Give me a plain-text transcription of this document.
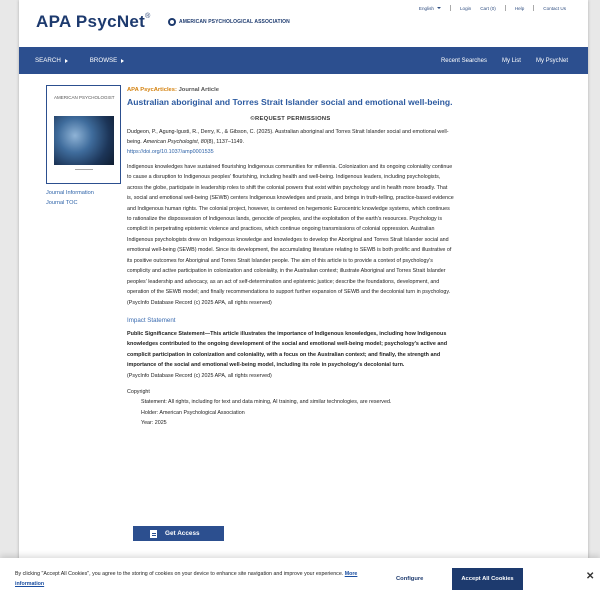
APA PsycNet®
AMERICAN PSYCHOLOGICAL ASSOCIATION
English	Login Cart (0)	Help	Contact Us
SEARCH	BROWSE	Recent Searches	My List	My PsycNet
AMERICAN PSYCHOLOGIST
Journal Information
Journal TOC
APA PsycArticles: Journal Article
Australian aboriginal and Torres Strait Islander social and emotional well-being.
©REQUEST PERMISSIONS
Dudgeon, P., Agung-Igusti, R., Derry, K., & Gibson, C. (2025). Australian aboriginal and Torres Strait Islander social and emotional well-being. American Psychologist, 80(8), 1137–1149.
https://doi.org/10.1037/amp0001535
Indigenous knowledges have sustained flourishing Indigenous communities for millennia. Colonization and its ongoing coloniality continue to cause a disruption to Indigenous peoples' flourishing, including health and well-being. Indigenous leaders, including psychologists, across the globe, participate in leadership roles to shift the colonial powers that exist within psychology and in health more broadly. That is, social and emotional well-being (SEWB) centers Indigenous knowledges and praxis, and brings in truth-telling, practice-based evidence and Indigenous human rights. The colonial project, however, is centered on hegemonic Eurocentric knowledge systems, which continues to rationalize the dispossession of Indigenous lands, genocide of peoples, and the exploitation of the earth's resources. Psychology is complicit in perpetrating epistemic violence and practices, which continue ongoing transmissions of colonial oppression. Australian Indigenous psychologists drew on Indigenous knowledge and knowledges to develop the Aboriginal and Torres Strait Islander social and emotional well-being (SEWB) model. Since its development, the accumulating literature relating to SEWB is both prolific and illustrative of its positive outcomes for Aboriginal and Torres Strait Islander people. The aim of this article is to provide a context of psychology's complicity and active participation in colonization and coloniality, in the Australian context; illustrate Aboriginal and Torres Strait Islander peoples' leadership and advocacy, as an act of self-determination and epistemic justice; describe the foundations, development, and operation of the SEWB model; and finally recommendations to support further expansion of SEWB and the decolonial turn in psychology. (PsycInfo Database Record (c) 2025 APA, all rights reserved)
Impact Statement
Public Significance Statement—This article illustrates the importance of Indigenous knowledges, including how Indigenous knowledges contributed to the ongoing development of the social and emotional well-being model; psychology's active and complicit participation in colonization and coloniality, with a focus on the Australian context; and finally, the strength and importance of the social and emotional well-being model, including its role in psychology's decolonial turn.
(PsycInfo Database Record (c) 2025 APA, all rights reserved)
Copyright
Statement: All rights, including for text and data mining, AI training, and similar technologies, are reserved.
Holder: American Psychological Association
Year: 2025
Get Access
By clicking "Accept All Cookies", you agree to the storing of cookies on your device to enhance site navigation and improve your experience. More information
Configure	Accept All Cookies	✕
